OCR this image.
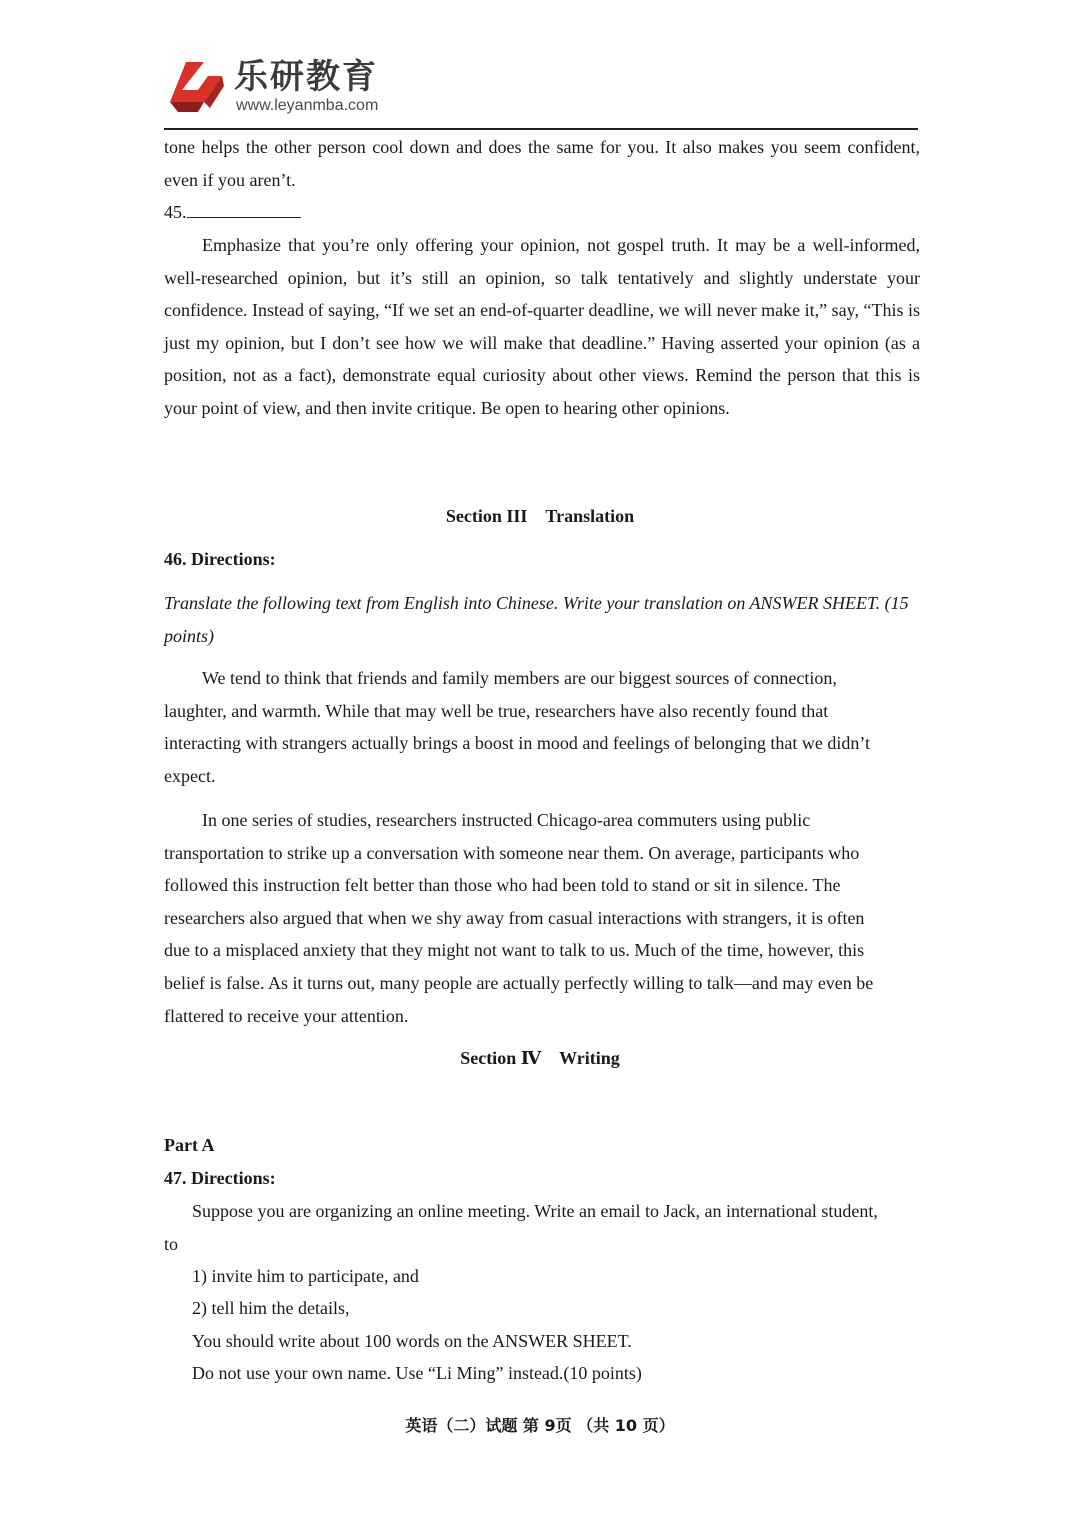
乐研教育
www.leyanmba.com

tone helps the other person cool down and does the same for you. It also makes you seem confident, even if you aren’t.

45.

Emphasize that you’re only offering your opinion, not gospel truth. It may be a well-informed, well-researched opinion, but it’s still an opinion, so talk tentatively and slightly understate your confidence. Instead of saying, “If we set an end-of-quarter deadline, we will never make it,” say, “This is just my opinion, but I don’t see how we will make that deadline.” Having asserted your opinion (as a position, not as a fact), demonstrate equal curiosity about other views. Remind the person that this is your point of view, and then invite critique. Be open to hearing other opinions.

Section III Translation
46. Directions:

Translate the following text from English into Chinese. Write your translation on ANSWER SHEET. (15 points)

We tend to think that friends and family members are our biggest sources of connection,
laughter, and warmth. While that may well be true, researchers have also recently found that
interacting with strangers actually brings a boost in mood and feelings of belonging that we didn’t
expect.
In one series of studies, researchers instructed Chicago-area commuters using public
transportation to strike up a conversation with someone near them. On average, participants who
followed this instruction felt better than those who had been told to stand or sit in silence. The
researchers also argued that when we shy away from casual interactions with strangers, it is often
due to a misplaced anxiety that they might not want to talk to us. Much of the time, however, this
belief is false. As it turns out, many people are actually perfectly willing to talk—and may even be
flattered to receive your attention.
Section Ⅳ Writing
Part A
47. Directions:
Suppose you are organizing an online meeting. Write an email to Jack, an international student,
to
1) invite him to participate, and
2) tell him the details,
You should write about 100 words on the ANSWER SHEET.
Do not use your own name. Use “Li Ming” instead.(10 points)
英语（二）试题 第 9页 （共 10 页）
